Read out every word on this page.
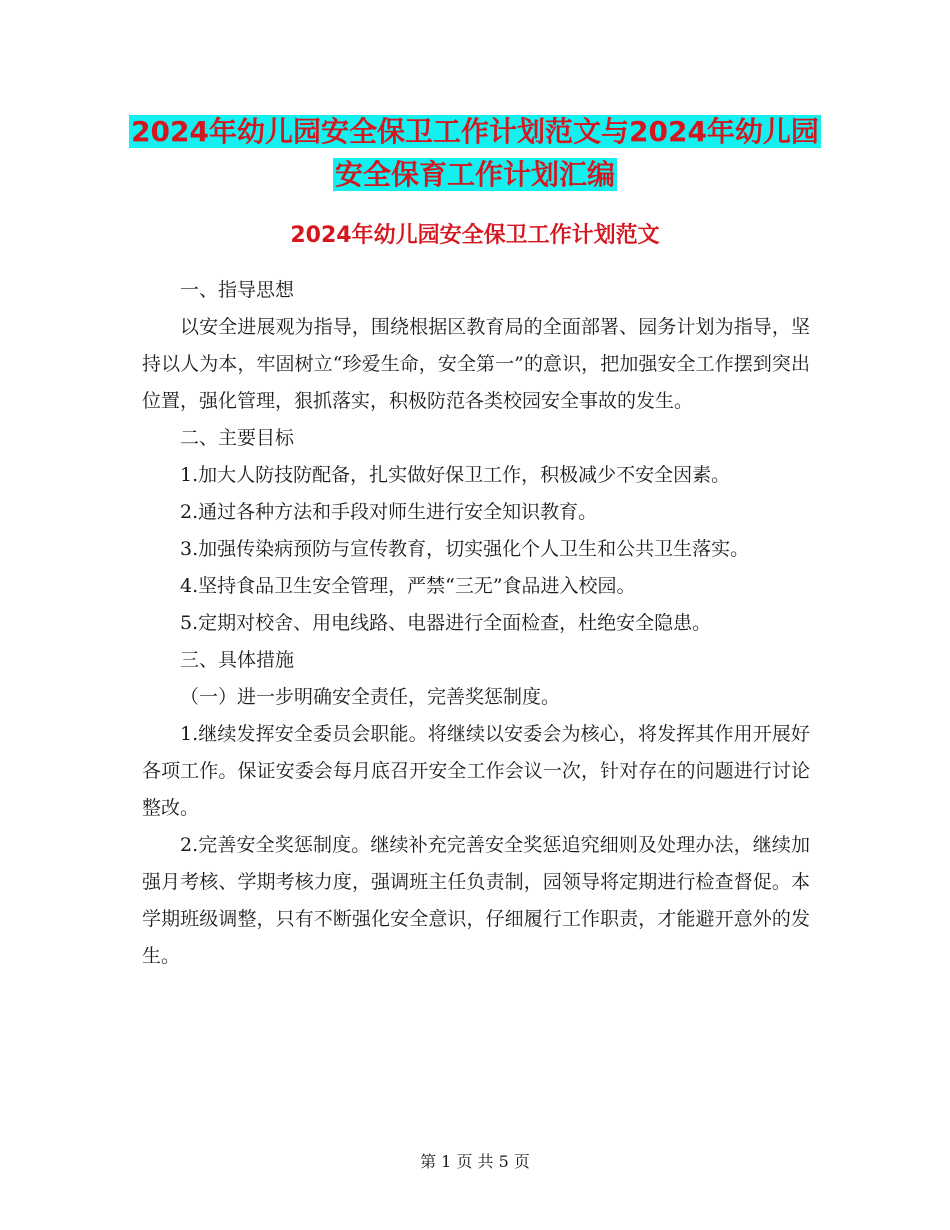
2024年幼儿园安全保卫工作计划范文与2024年幼儿园
安全保育工作计划汇编
2024年幼儿园安全保卫工作计划范文

一、指导思想

以安全进展观为指导，围绕根据区教育局的全面部署、园务计划为指导，坚持以人为本，牢固树立“珍爱生命，安全第一”的意识，把加强安全工作摆到突出位置，强化管理，狠抓落实，积极防范各类校园安全事故的发生。

二、主要目标

1.加大人防技防配备，扎实做好保卫工作，积极减少不安全因素。

2.通过各种方法和手段对师生进行安全知识教育。

3.加强传染病预防与宣传教育，切实强化个人卫生和公共卫生落实。

4.坚持食品卫生安全管理，严禁“三无”食品进入校园。

5.定期对校舍、用电线路、电器进行全面检查，杜绝安全隐患。

三、具体措施

（一）进一步明确安全责任，完善奖惩制度。

1.继续发挥安全委员会职能。将继续以安委会为核心，将发挥其作用开展好各项工作。保证安委会每月底召开安全工作会议一次，针对存在的问题进行讨论整改。

2.完善安全奖惩制度。继续补充完善安全奖惩追究细则及处理办法，继续加强月考核、学期考核力度，强调班主任负责制，园领导将定期进行检查督促。本学期班级调整，只有不断强化安全意识，仔细履行工作职责，才能避开意外的发生。

第 1 页 共 5 页
